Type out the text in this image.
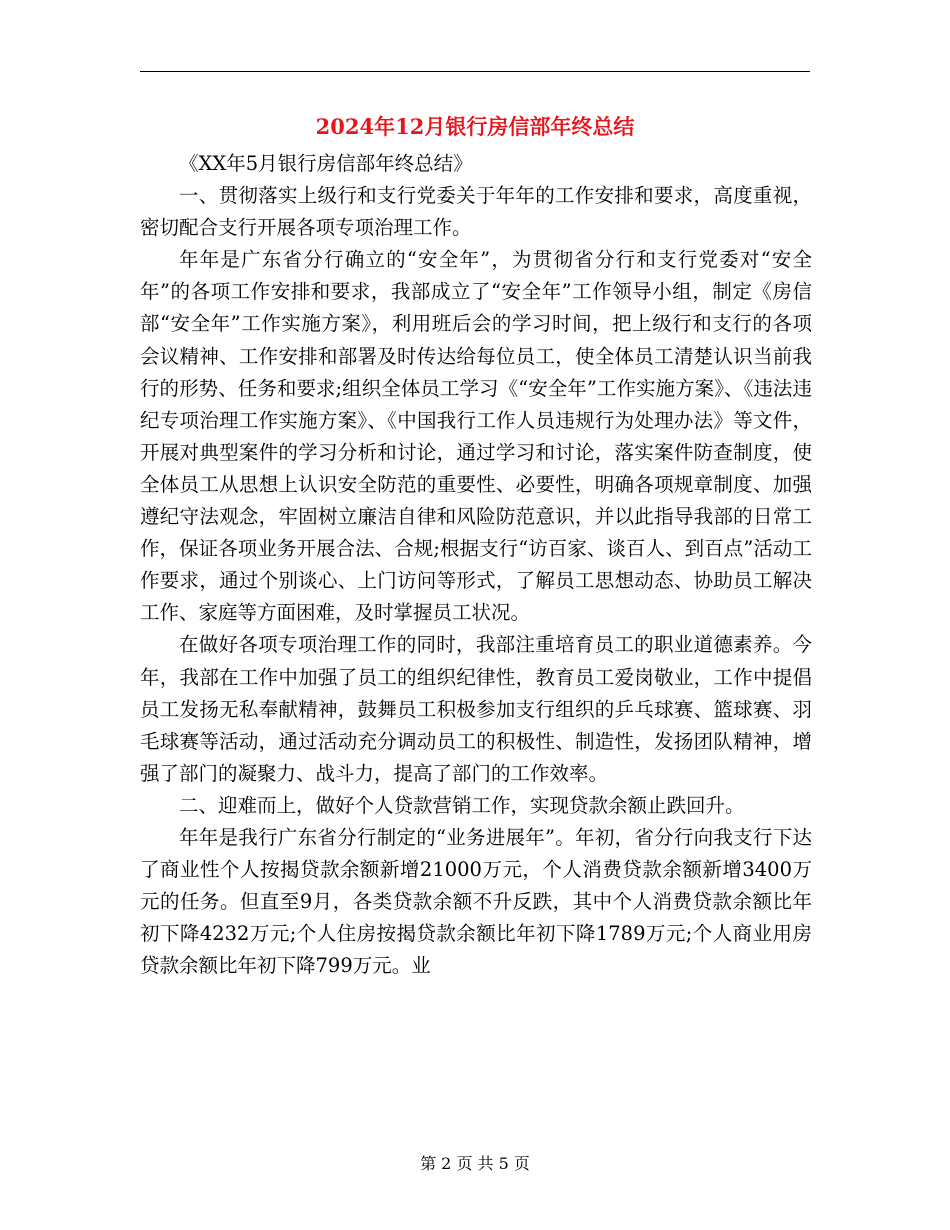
2024年12月银行房信部年终总结

《XX年5月银行房信部年终总结》

一、贯彻落实上级行和支行党委关于年年的工作安排和要求，高度重视，密切配合支行开展各项专项治理工作。

年年是广东省分行确立的“安全年”，为贯彻省分行和支行党委对“安全年”的各项工作安排和要求，我部成立了“安全年”工作领导小组，制定《房信部“安全年”工作实施方案》，利用班后会的学习时间，把上级行和支行的各项会议精神、工作安排和部署及时传达给每位员工，使全体员工清楚认识当前我行的形势、任务和要求;组织全体员工学习《“安全年”工作实施方案》、《违法违纪专项治理工作实施方案》、《中国我行工作人员违规行为处理办法》等文件，开展对典型案件的学习分析和讨论，通过学习和讨论，落实案件防查制度，使全体员工从思想上认识安全防范的重要性、必要性，明确各项规章制度、加强遵纪守法观念，牢固树立廉洁自律和风险防范意识，并以此指导我部的日常工作，保证各项业务开展合法、合规;根据支行“访百家、谈百人、到百点”活动工作要求，通过个别谈心、上门访问等形式，了解员工思想动态、协助员工解决工作、家庭等方面困难，及时掌握员工状况。

在做好各项专项治理工作的同时，我部注重培育员工的职业道德素养。今年，我部在工作中加强了员工的组织纪律性，教育员工爱岗敬业，工作中提倡员工发扬无私奉献精神，鼓舞员工积极参加支行组织的乒乓球赛、篮球赛、羽毛球赛等活动，通过活动充分调动员工的积极性、制造性，发扬团队精神，增强了部门的凝聚力、战斗力，提高了部门的工作效率。

二、迎难而上，做好个人贷款营销工作，实现贷款余额止跌回升。

年年是我行广东省分行制定的“业务进展年”。年初，省分行向我支行下达了商业性个人按揭贷款余额新增21000万元，个人消费贷款余额新增3400万元的任务。但直至9月，各类贷款余额不升反跌，其中个人消费贷款余额比年初下降4232万元;个人住房按揭贷款余额比年初下降1789万元;个人商业用房贷款余额比年初下降799万元。业

第 2 页 共 5 页
